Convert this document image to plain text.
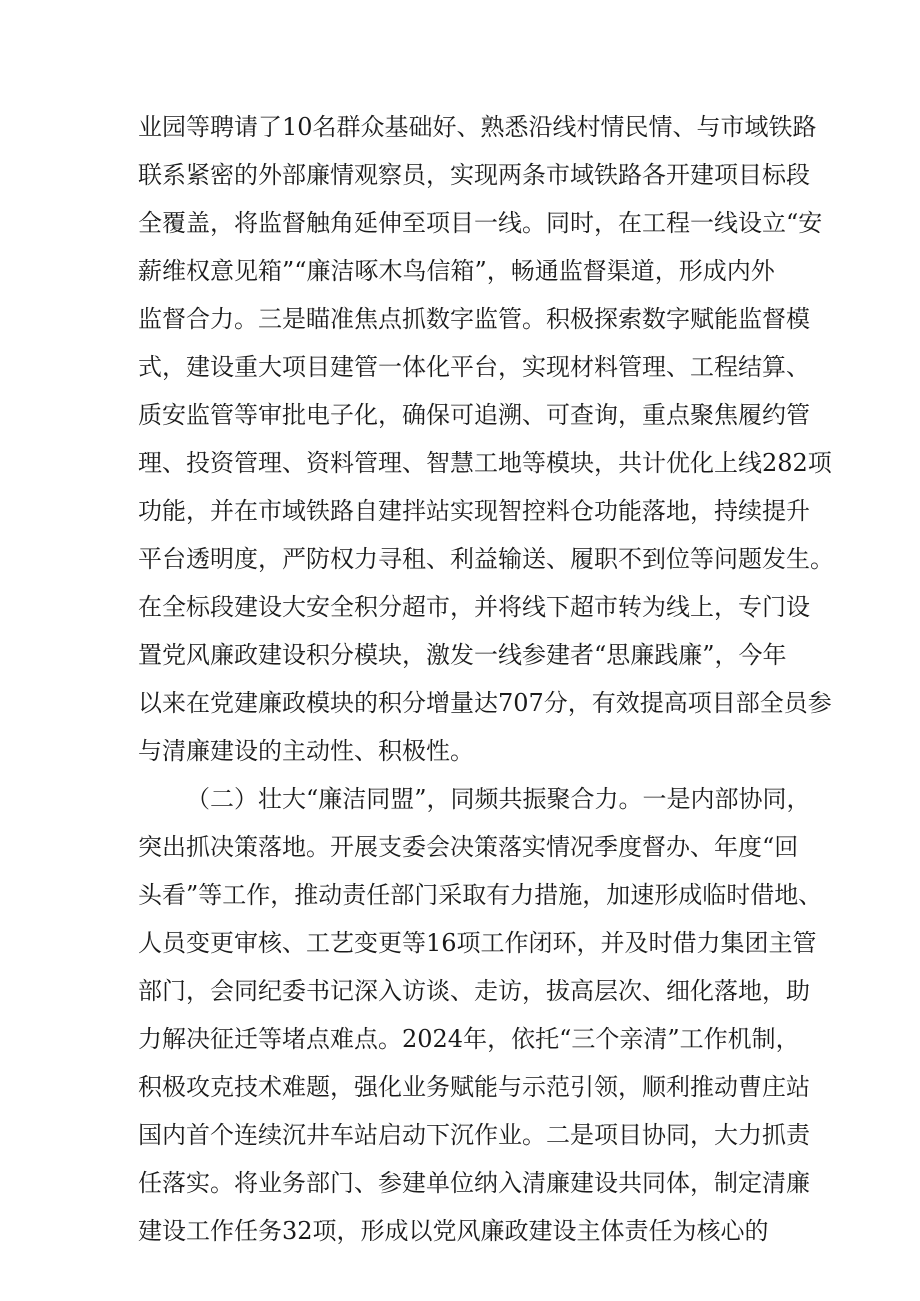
业园等聘请了10名群众基础好、熟悉沿线村情民情、与市域铁路
联系紧密的外部廉情观察员，实现两条市域铁路各开建项目标段
全覆盖，将监督触角延伸至项目一线。同时，在工程一线设立“安
薪维权意见箱”“廉洁啄木鸟信箱”，畅通监督渠道，形成内外
监督合力。三是瞄准焦点抓数字监管。积极探索数字赋能监督模
式，建设重大项目建管一体化平台，实现材料管理、工程结算、
质安监管等审批电子化，确保可追溯、可查询，重点聚焦履约管
理、投资管理、资料管理、智慧工地等模块，共计优化上线282项
功能，并在市域铁路自建拌站实现智控料仓功能落地，持续提升
平台透明度，严防权力寻租、利益输送、履职不到位等问题发生。
在全标段建设大安全积分超市，并将线下超市转为线上，专门设
置党风廉政建设积分模块，激发一线参建者“思廉践廉”，今年
以来在党建廉政模块的积分增量达707分，有效提高项目部全员参
与清廉建设的主动性、积极性。
（二）壮大“廉洁同盟”，同频共振聚合力。一是内部协同，
突出抓决策落地。开展支委会决策落实情况季度督办、年度“回
头看”等工作，推动责任部门采取有力措施，加速形成临时借地、
人员变更审核、工艺变更等16项工作闭环，并及时借力集团主管
部门，会同纪委书记深入访谈、走访，拔高层次、细化落地，助
力解决征迁等堵点难点。2024年，依托“三个亲清”工作机制，
积极攻克技术难题，强化业务赋能与示范引领，顺利推动曹庄站
国内首个连续沉井车站启动下沉作业。二是项目协同，大力抓责
任落实。将业务部门、参建单位纳入清廉建设共同体，制定清廉
建设工作任务32项，形成以党风廉政建设主体责任为核心的
